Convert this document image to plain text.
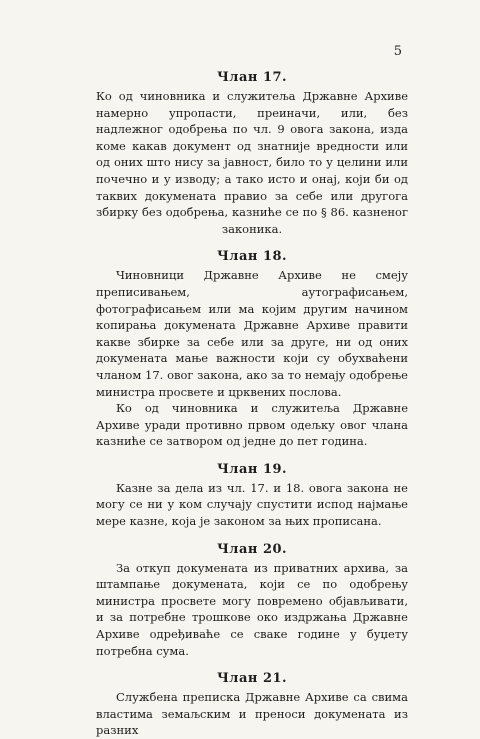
5
Члан 17.

Ко од чиновника и служитеља Државне Архиве намерно упропасти, преиначи, или, без надлежног одобрења по чл. 9 овога закона, изда коме какав документ од знатније вредности или од оних што нису за јавност, било то у целини или почечно и у изводу; а тако исто и онај, који би од таквих докумената правио за себе или другога збирку без одобрења, казниће се по § 86. казненог законика.

Члан 18.

Чиновници Државне Архиве не смеју преписивањем, аутографисањем, фотографисањем или ма којим другим начином копирања докумената Државне Архиве правити какве збирке за себе или за друге, ни од оних докумената мање важности који су обухваћени чланом 17. овог закона, ако за то немају одобрење министра просвете и црквених послова.

Ко од чиновника и служитеља Државне Архиве уради противно првом одељку овог члана казниће се затвором од једне до пет година.

Члан 19.

Казне за дела из чл. 17. и 18. овога закона не могу се ни у ком случају спустити испод најмање мере казне, која је законом за њих прописана.

Члан 20.

За откуп докумената из приватних архива, за штампање докумената, који се по одобрењу министра просвете могу повремено објављивати, и за потребне трошкове око издржања Државне Архиве одређиваће се сваке године у буџету потребна сума.

Члан 21.

Службена преписка Државне Архиве са свима властима земаљским и преноси докумената из разних
